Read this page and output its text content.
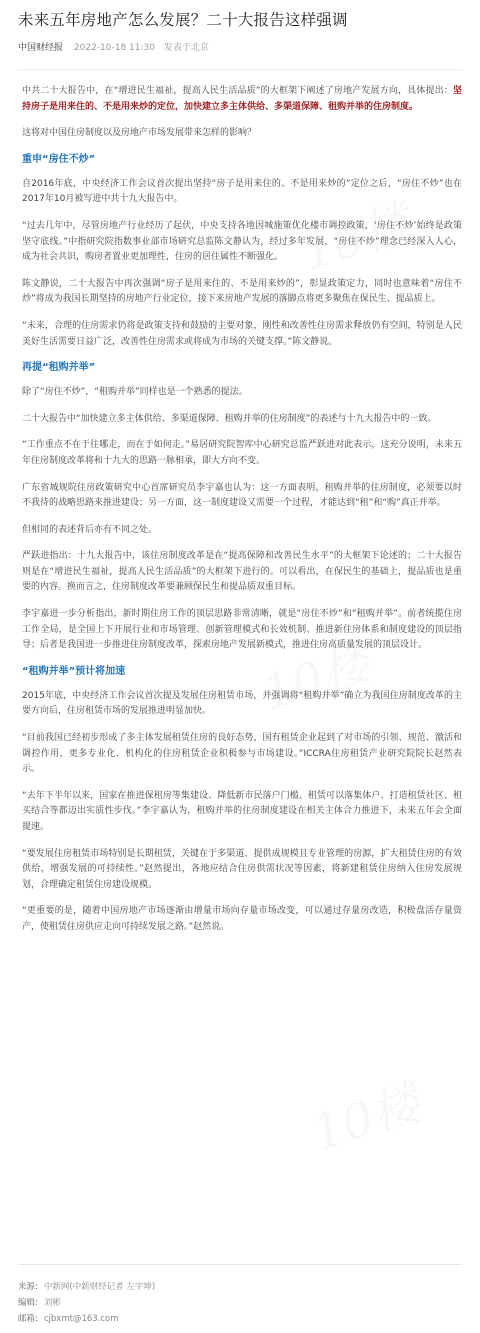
10楼
10楼
10楼
未来五年房地产怎么发展？二十大报告这样强调
中国财经报 2022-10-18 11:30 发表于北京

中共二十大报告中，在“增进民生福祉，提高人民生活品质”的大框架下阐述了房地产发展方向，具体提出：坚持房子是用来住的、不是用来炒的定位，加快建立多主体供给、多渠道保障、租购并举的住房制度。

这将对中国住房制度以及房地产市场发展带来怎样的影响？

重申“房住不炒”

自2016年底，中央经济工作会议首次提出坚持“房子是用来住的、不是用来炒的”定位之后，“房住不炒”也在2017年10月被写进中共十九大报告中。

“过去几年中，尽管房地产行业经历了起伏，中央支持各地因城施策优化楼市调控政策，‘房住不炒’始终是政策坚守底线。”中指研究院指数事业部市场研究总监陈文静认为，经过多年发展，“房住不炒”理念已经深入人心，成为社会共识，购房者置业更加理性，住房的居住属性不断强化。

陈文静说，二十大报告中再次强调“房子是用来住的、不是用来炒的”，彰显政策定力，同时也意味着“房住不炒”将成为我国长期坚持的房地产行业定位，接下来房地产发展的落脚点将更多聚焦在保民生、提品质上。

“未来，合理的住房需求仍将是政策支持和鼓励的主要对象，刚性和改善性住房需求释放仍有空间，特别是人民美好生活需要日益广泛，改善性住房需求或将成为市场的关键支撑。”陈文静说。

再提“租购并举”

除了“房住不炒”，“租购并举”同样也是一个熟悉的提法。

二十大报告中“加快建立多主体供给、多渠道保障、租购并举的住房制度”的表述与十九大报告中的一致。

“工作重点不在于往哪走，而在于如何走。”易居研究院智库中心研究总监严跃进对此表示，这充分说明，未来五年住房制度改革将和十九大的思路一脉相承，即大方向不变。

广东省城规院住房政策研究中心首席研究员李宇嘉也认为：这一方面表明，租购并举的住房制度，必须要以时不我待的战略思路来推进建设；另一方面，这一制度建设又需要一个过程，才能达到“租”和“购”真正并举。

但相同的表述背后亦有不同之处。

严跃进指出：十九大报告中，该住房制度改革是在“提高保障和改善民生水平”的大框架下论述的；二十大报告则是在“增进民生福祉，提高人民生活品质”的大框架下进行的。可以看出，在保民生的基础上，提品质也是重要的内容。换而言之，住房制度改革要兼顾保民生和提品质双重目标。

李宇嘉进一步分析指出，新时期住房工作的顶层思路非常清晰，就是“房住不炒”和“租购并举”。前者统揽住房工作全局，是全国上下开展行业和市场管理、创新管理模式和长效机制、推进新住房体系和制度建设的顶层指导；后者是我国进一步推进住房制度改革，探索房地产发展新模式，推进住房高质量发展的顶层设计。

“租购并举”预计将加速

2015年底，中央经济工作会议首次提及发展住房租赁市场，并强调将“租购并举”确立为我国住房制度改革的主要方向后，住房租赁市场的发展推进明显加快。

“目前我国已经初步形成了多主体发展租赁住房的良好态势，国有租赁企业起到了对市场的引领、规范、激活和调控作用，更多专业化、机构化的住房租赁企业积极参与市场建设。”ICCRA住房租赁产业研究院院长赵然表示。

“去年下半年以来，国家在推进保租房等集建设、降低新市民落户门槛、租赁可以落集体户、打造租赁社区、租买结合等都迈出实质性步伐。”李宇嘉认为，租购并举的住房制度建设在相关主体合力推进下，未来五年会全面提速。

“要发展住房租赁市场特别是长期租赁，关键在于多渠道、提供成规模且专业管理的房源，扩大租赁住房的有效供给，增强发展的可持续性。”赵然提出，各地应结合住房供需状况等因素，将新建租赁住房纳入住房发展规划，合理确定租赁住房建设规模。

“更重要的是，随着中国房地产市场逐渐由增量市场向存量市场改变，可以通过存量房改造，积极盘活存量资产，使租赁住房供应走向可持续发展之路。”赵然说。

来源: 中新网(中新财经记者 左宇坤)
编辑: 刘彬
邮箱: cjbxmt@163.com
